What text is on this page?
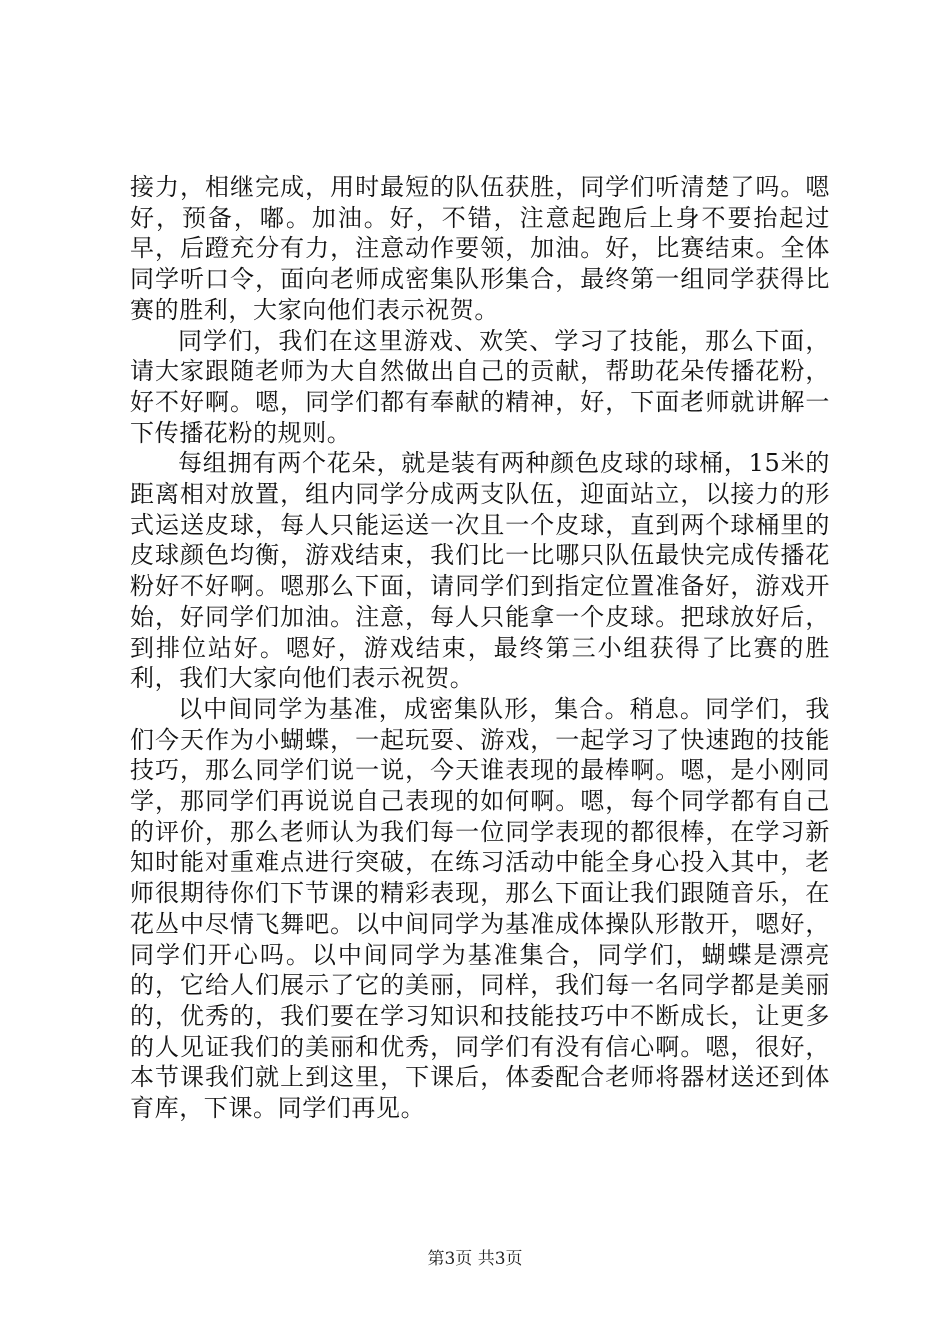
接力，相继完成，用时最短的队伍获胜，同学们听清楚了吗。嗯好，预备，嘟。加油。好，不错，注意起跑后上身不要抬起过早，后蹬充分有力，注意动作要领，加油。好，比赛结束。全体同学听口令，面向老师成密集队形集合，最终第一组同学获得比赛的胜利，大家向他们表示祝贺。

同学们，我们在这里游戏、欢笑、学习了技能，那么下面，请大家跟随老师为大自然做出自己的贡献，帮助花朵传播花粉，好不好啊。嗯，同学们都有奉献的精神，好，下面老师就讲解一下传播花粉的规则。

每组拥有两个花朵，就是装有两种颜色皮球的球桶，15米的距离相对放置，组内同学分成两支队伍，迎面站立，以接力的形式运送皮球，每人只能运送一次且一个皮球，直到两个球桶里的皮球颜色均衡，游戏结束，我们比一比哪只队伍最快完成传播花粉好不好啊。嗯那么下面，请同学们到指定位置准备好，游戏开始，好同学们加油。注意，每人只能拿一个皮球。把球放好后，到排位站好。嗯好，游戏结束，最终第三小组获得了比赛的胜利，我们大家向他们表示祝贺。

以中间同学为基准，成密集队形，集合。稍息。同学们，我们今天作为小蝴蝶，一起玩耍、游戏，一起学习了快速跑的技能技巧，那么同学们说一说，今天谁表现的最棒啊。嗯，是小刚同学，那同学们再说说自己表现的如何啊。嗯，每个同学都有自己的评价，那么老师认为我们每一位同学表现的都很棒，在学习新知时能对重难点进行突破，在练习活动中能全身心投入其中，老师很期待你们下节课的精彩表现，那么下面让我们跟随音乐，在花丛中尽情飞舞吧。以中间同学为基准成体操队形散开，嗯好，同学们开心吗。以中间同学为基准集合，同学们，蝴蝶是漂亮的，它给人们展示了它的美丽，同样，我们每一名同学都是美丽的，优秀的，我们要在学习知识和技能技巧中不断成长，让更多的人见证我们的美丽和优秀，同学们有没有信心啊。嗯，很好，本节课我们就上到这里，下课后，体委配合老师将器材送还到体育库，下课。同学们再见。

第3页 共3页
